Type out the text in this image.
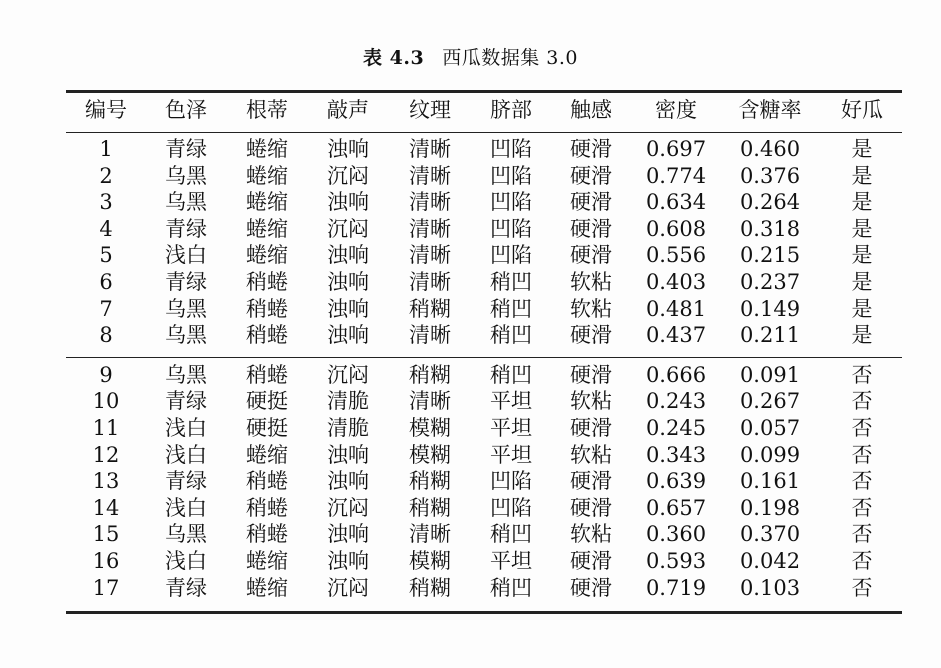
表 4.3 西瓜数据集 3.0
编号 色泽 根蒂 敲声 纹理 脐部 触感 密度 含糖率 好瓜
1 青绿 蜷缩 浊响 清晰 凹陷 硬滑 0.697 0.460 是
2 乌黑 蜷缩 沉闷 清晰 凹陷 硬滑 0.774 0.376 是
3 乌黑 蜷缩 浊响 清晰 凹陷 硬滑 0.634 0.264 是
4 青绿 蜷缩 沉闷 清晰 凹陷 硬滑 0.608 0.318 是
5 浅白 蜷缩 浊响 清晰 凹陷 硬滑 0.556 0.215 是
6 青绿 稍蜷 浊响 清晰 稍凹 软粘 0.403 0.237 是
7 乌黑 稍蜷 浊响 稍糊 稍凹 软粘 0.481 0.149 是
8 乌黑 稍蜷 浊响 清晰 稍凹 硬滑 0.437 0.211 是
9 乌黑 稍蜷 沉闷 稍糊 稍凹 硬滑 0.666 0.091 否
10 青绿 硬挺 清脆 清晰 平坦 软粘 0.243 0.267 否
11 浅白 硬挺 清脆 模糊 平坦 硬滑 0.245 0.057 否
12 浅白 蜷缩 浊响 模糊 平坦 软粘 0.343 0.099 否
13 青绿 稍蜷 浊响 稍糊 凹陷 硬滑 0.639 0.161 否
14 浅白 稍蜷 沉闷 稍糊 凹陷 硬滑 0.657 0.198 否
15 乌黑 稍蜷 浊响 清晰 稍凹 软粘 0.360 0.370 否
16 浅白 蜷缩 浊响 模糊 平坦 硬滑 0.593 0.042 否
17 青绿 蜷缩 沉闷 稍糊 稍凹 硬滑 0.719 0.103 否
